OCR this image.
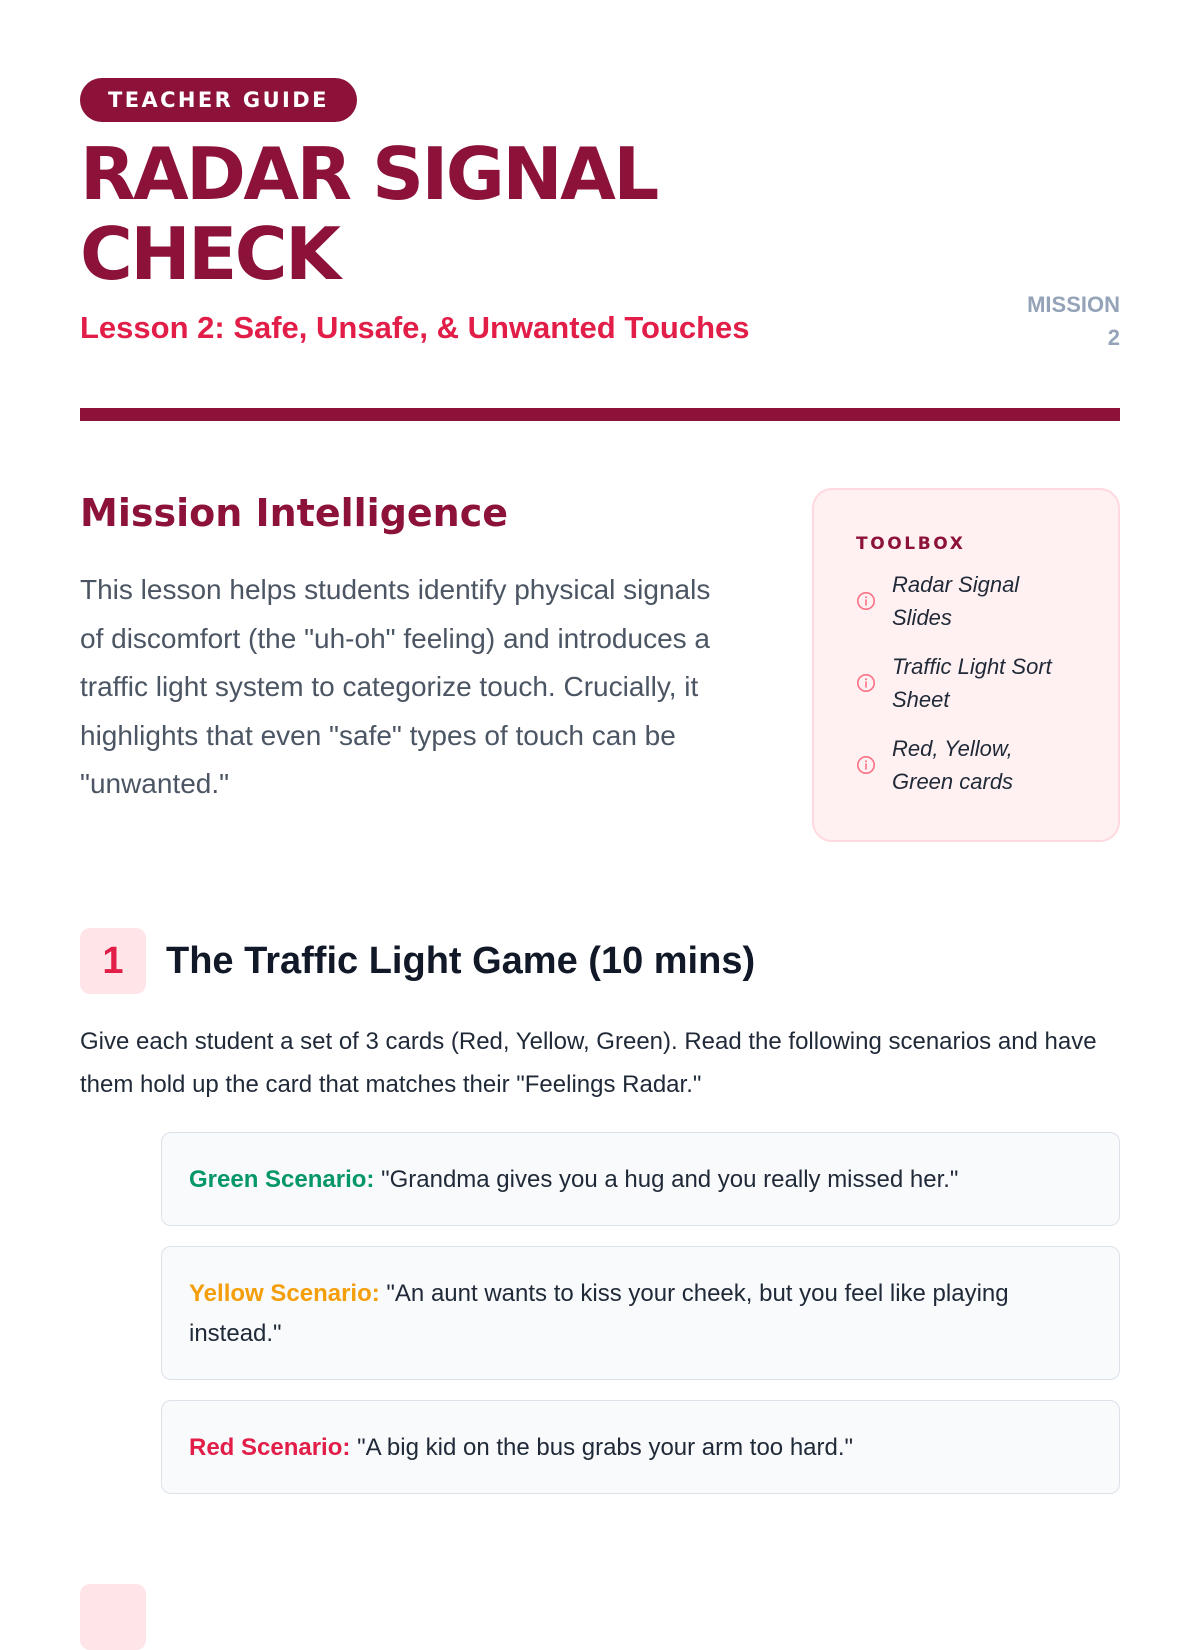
TEACHER GUIDE
RADAR SIGNAL CHECK
Lesson 2: Safe, Unsafe, & Unwanted Touches
MISSION
2
Mission Intelligence

This lesson helps students identify physical signals of discomfort (the "uh-oh" feeling) and introduces a traffic light system to categorize touch. Crucially, it highlights that even "safe" types of touch can be "unwanted."

TOOLBOX
Radar Signal Slides
Traffic Light Sort Sheet
Red, Yellow, Green cards
1	The Traffic Light Game (10 mins)

Give each student a set of 3 cards (Red, Yellow, Green). Read the following scenarios and have them hold up the card that matches their "Feelings Radar."

Green Scenario: "Grandma gives you a hug and you really missed her."
Yellow Scenario: "An aunt wants to kiss your cheek, but you feel like playing instead."
Red Scenario: "A big kid on the bus grabs your arm too hard."
